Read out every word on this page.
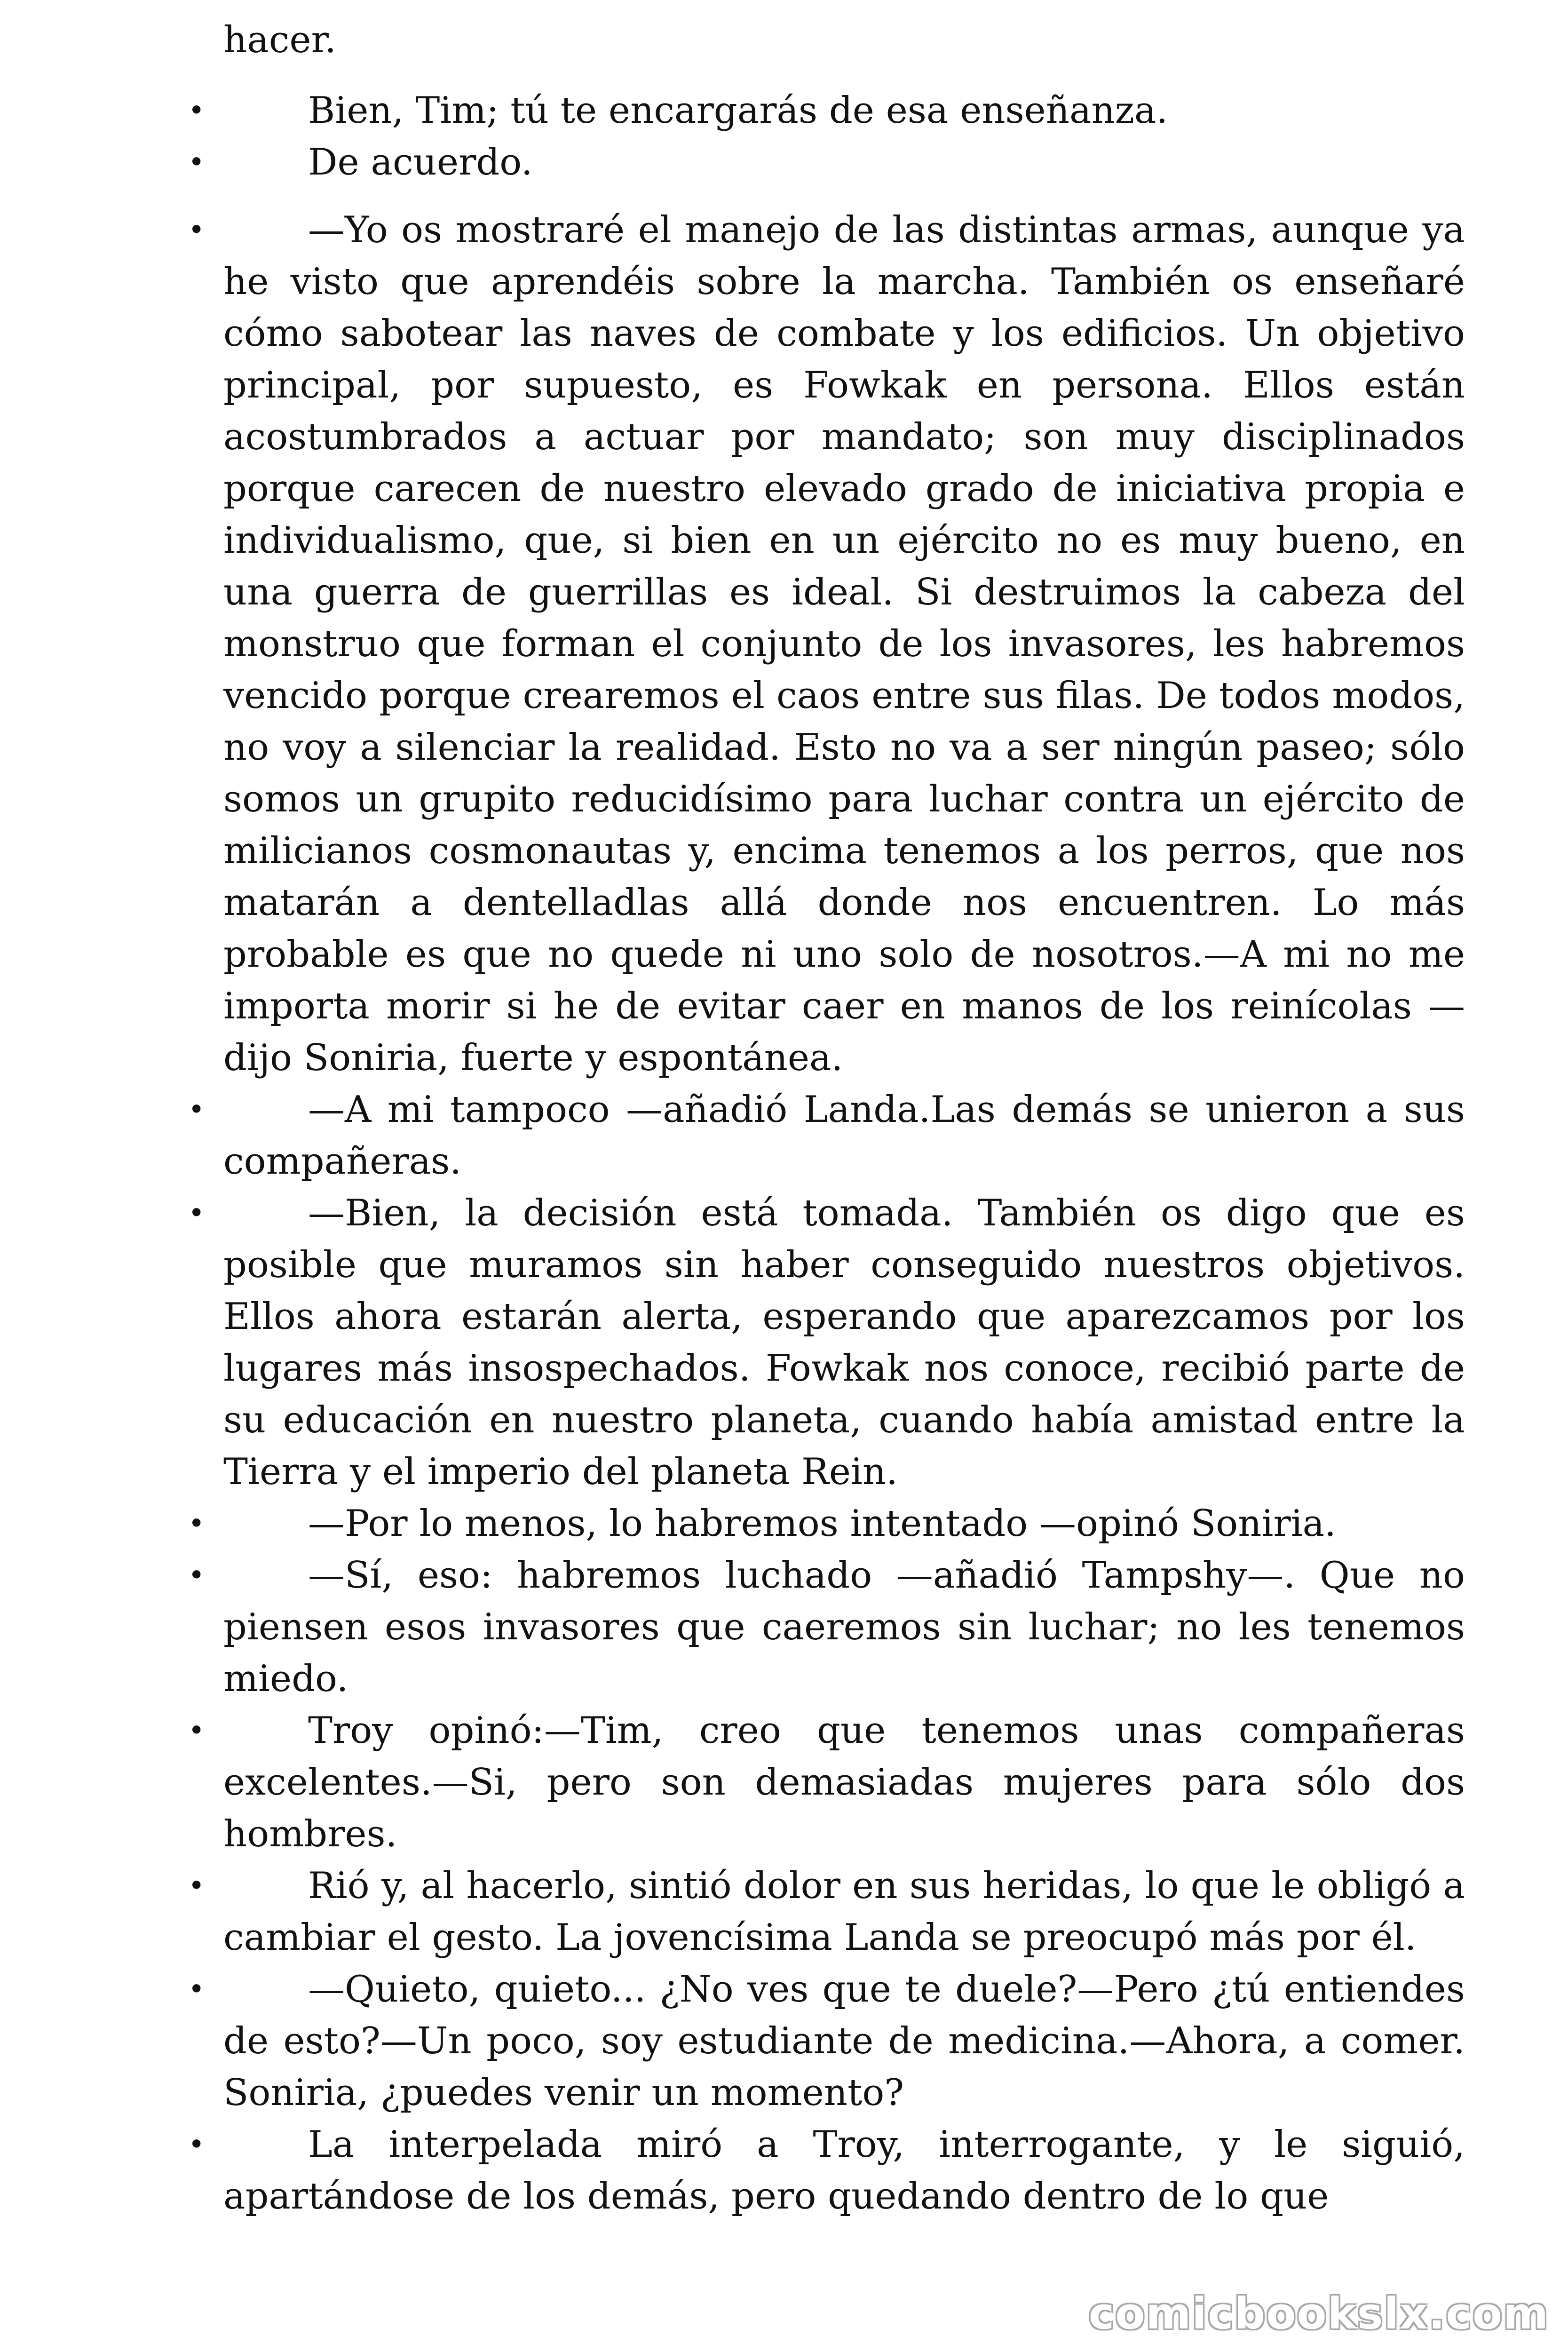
hacer.

•	Bien, Tim; tú te encargarás de esa enseñanza.

•	De acuerdo.

•	—Yo os mostraré el manejo de las distintas armas, aunque ya he visto que aprendéis sobre la marcha. También os enseñaré cómo sabotear las naves de combate y los edificios. Un objetivo principal, por supuesto, es Fowkak en persona. Ellos están acostumbrados a actuar por mandato; son muy disciplinados porque carecen de nuestro elevado grado de iniciativa propia e individualismo, que, si bien en un ejército no es muy bueno, en una guerra de guerrillas es ideal. Si destruimos la cabeza del monstruo que forman el conjunto de los invasores, les habremos vencido porque crearemos el caos entre sus filas. De todos modos, no voy a silenciar la realidad. Esto no va a ser ningún paseo; sólo somos un grupito reducidísimo para luchar contra un ejército de milicianos cosmonautas y, encima tenemos a los perros, que nos matarán a dentelladlas allá donde nos encuentren. Lo más probable es que no quede ni uno solo de nosotros.—A mi no me importa morir si he de evitar caer en manos de los reinícolas —dijo Soniria, fuerte y espontánea.

•	—A mi tampoco —añadió Landa.Las demás se unieron a sus compañeras.

•	—Bien, la decisión está tomada. También os digo que es posible que muramos sin haber conseguido nuestros objetivos. Ellos ahora estarán alerta, esperando que aparezcamos por los lugares más insospechados. Fowkak nos conoce, recibió parte de su educación en nuestro planeta, cuando había amistad entre la Tierra y el imperio del planeta Rein.

•	—Por lo menos, lo habremos intentado —opinó Soniria.

•	—Sí, eso: habremos luchado —añadió Tampshy—. Que no piensen esos invasores que caeremos sin luchar; no les tenemos miedo.

•	Troy opinó:—Tim, creo que tenemos unas compañeras excelentes.—Si, pero son demasiadas mujeres para sólo dos hombres.

•	Rió y, al hacerlo, sintió dolor en sus heridas, lo que le obligó a cambiar el gesto. La jovencísima Landa se preocupó más por él.

•	—Quieto, quieto... ¿No ves que te duele?—Pero ¿tú entiendes de esto?—Un poco, soy estudiante de medicina.—Ahora, a comer. Soniria, ¿puedes venir un momento?

•	La interpelada miró a Troy, interrogante, y le siguió, apartándose de los demás, pero quedando dentro de lo que

comicbookslx.com
